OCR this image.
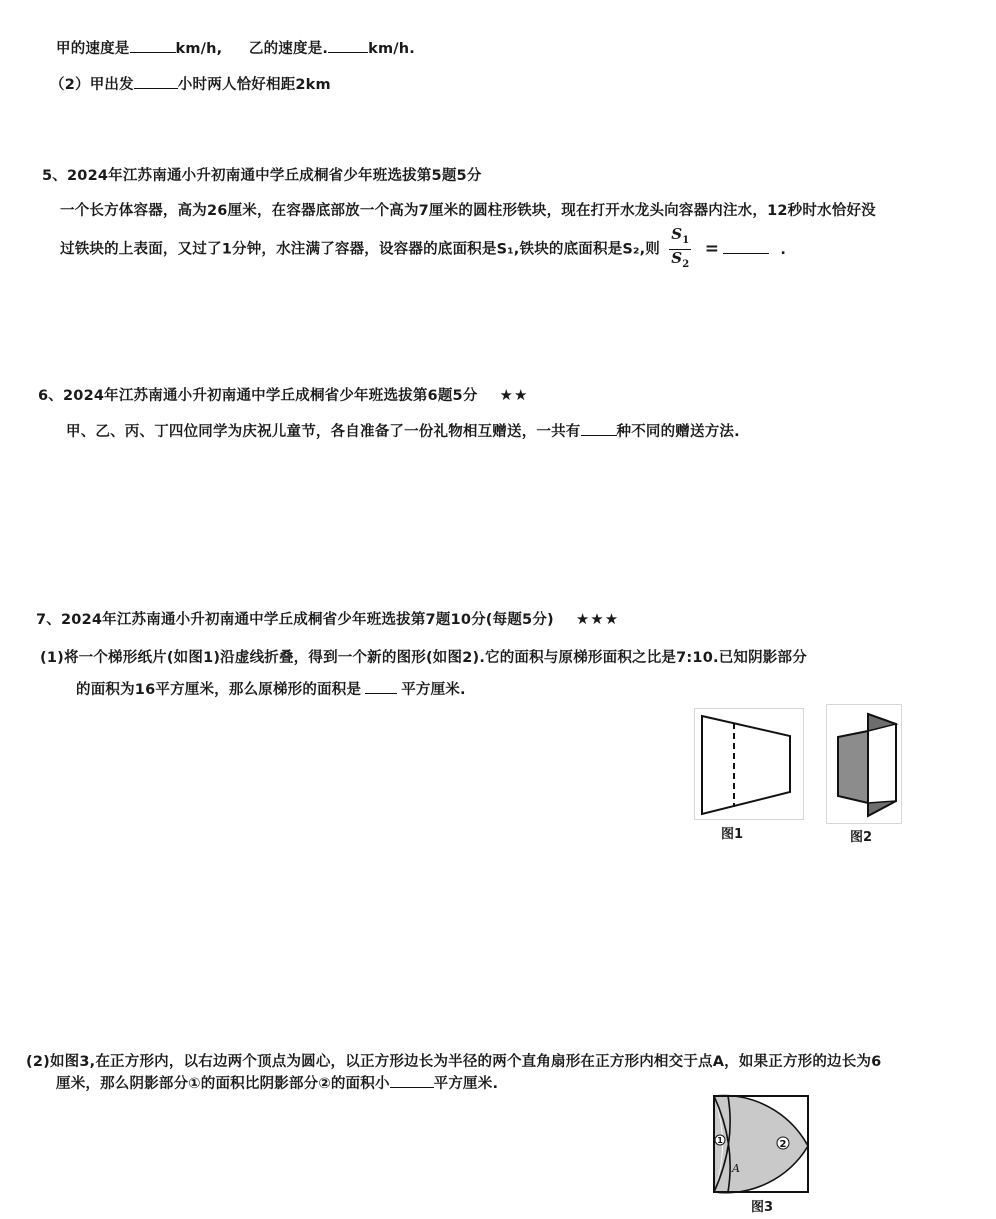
甲的速度是	km/h, 乙的速度是.	km/h.
（2）甲出发	小时两人恰好相距2km
5、2024年江苏南通小升初南通中学丘成桐省少年班选拔第5题5分
一个长方体容器，高为26厘米，在容器底部放一个高为7厘米的圆柱形铁块，现在打开水龙头向容器内注水，12秒时水恰好没
过铁块的上表面，又过了1分钟，水注满了容器，设容器的底面积是S₁,铁块的底面积是S₂,则 $\frac{S_1}{S_2}$ =	.
6、2024年江苏南通小升初南通中学丘成桐省少年班选拔第6题5分 ★★
甲、乙、丙、丁四位同学为庆祝儿童节，各自准备了一份礼物相互赠送，一共有 种不同的赠送方法.
7、2024年江苏南通小升初南通中学丘成桐省少年班选拔第7题10分(每题5分) ★★★
(1)将一个梯形纸片(如图1)沿虚线折叠，得到一个新的图形(如图2).它的面积与原梯形面积之比是7:10.已知阴影部分
的面积为16平方厘米，那么原梯形的面积是	平方厘米.
图1	图2
(2)如图3,在正方形内，以右边两个顶点为圆心，以正方形边长为半径的两个直角扇形在正方形内相交于点A，如果正方形的边长为6
厘米，那么阴影部分①的面积比阴影部分②的面积小	平方厘米.
2
1
A
图3
